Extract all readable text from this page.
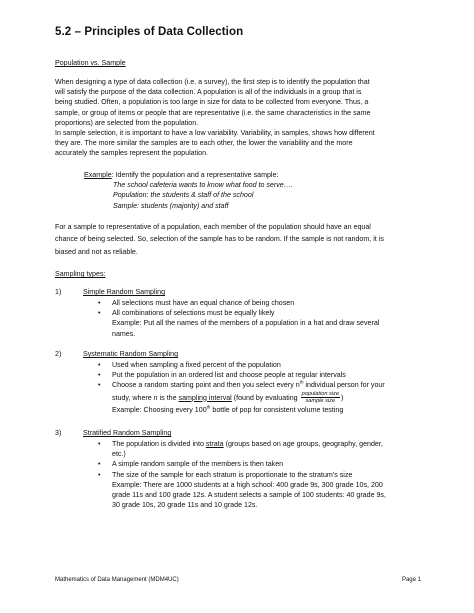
5.2 – Principles of Data Collection
Population vs. Sample
When designing a type of data collection (i.e. a survey), the first step is to identify the population that
will satisfy the purpose of the data collection. A population is all of the individuals in a group that is
being studied. Often, a population is too large in size for data to be collected from everyone. Thus, a
sample, or group of items or people that are representative (i.e. the same characteristics in the same
proportions) are selected from the population.
In sample selection, it is important to have a low variability. Variability, in samples, shows how different
they are. The more similar the samples are to each other, the lower the variability and the more
accurately the samples represent the population.
Example: Identify the population and a representative sample:
The school cafeteria wants to know what food to serve….
Population: the students & staff of the school
Sample: students (majority) and staff
For a sample to representative of a population, each member of the population should have an equal
chance of being selected. So, selection of the sample has to be random. If the sample is not random, it is
biased and not as reliable.
Sampling types:
1)	Simple Random Sampling
• All selections must have an equal chance of being chosen
• All combinations of selections must be equally likely
Example: Put all the names of the members of a population in a hat and draw several
names.
2)	Systematic Random Sampling
• Used when sampling a fixed percent of the population
• Put the population in an ordered list and choose people at regular intervals
• Choose a random starting point and then you select every $n^{th}$ individual person for your
study, where n is the sampling interval (found by evaluating $\frac{\text{population size}}{\text{sample size}}$ )
Example: Choosing every 100th bottle of pop for consistent volume testing
3)	Stratified Random Sampling
• The population is divided into strata (groups based on age groups, geography, gender,
etc.)
• A simple random sample of the members is then taken
• The size of the sample for each stratum is proportionate to the stratum’s size
Example: There are 1000 students at a high school: 400 grade 9s, 300 grade 10s, 200
grade 11s and 100 grade 12s. A student selects a sample of 100 students: 40 grade 9s,
30 grade 10s, 20 grade 11s and 10 grade 12s.
Mathematics of Data Management (MDM4UC)	Page 1
